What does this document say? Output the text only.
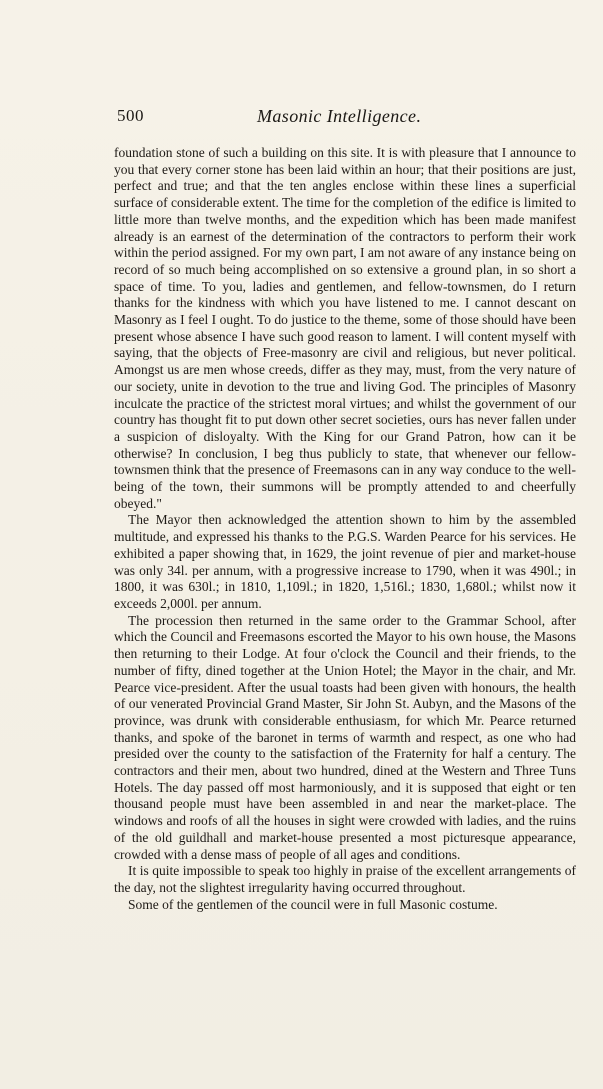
500	Masonic Intelligence.

foundation stone of such a building on this site. It is with pleasure that I announce to you that every corner stone has been laid within an hour; that their positions are just, perfect and true; and that the ten angles enclose within these lines a superficial surface of considerable extent. The time for the completion of the edifice is limited to little more than twelve months, and the expedition which has been made manifest already is an earnest of the determination of the contractors to perform their work within the period assigned. For my own part, I am not aware of any instance being on record of so much being accomplished on so extensive a ground plan, in so short a space of time. To you, ladies and gentlemen, and fellow-townsmen, do I return thanks for the kindness with which you have listened to me. I cannot descant on Masonry as I feel I ought. To do justice to the theme, some of those should have been present whose absence I have such good reason to lament. I will content myself with saying, that the objects of Free-masonry are civil and religious, but never political. Amongst us are men whose creeds, differ as they may, must, from the very nature of our society, unite in devotion to the true and living God. The principles of Masonry inculcate the practice of the strictest moral virtues; and whilst the government of our country has thought fit to put down other secret societies, ours has never fallen under a suspicion of disloyalty. With the King for our Grand Patron, how can it be otherwise? In conclusion, I beg thus publicly to state, that whenever our fellow-townsmen think that the presence of Freemasons can in any way conduce to the well-being of the town, their summons will be promptly attended to and cheerfully obeyed."

The Mayor then acknowledged the attention shown to him by the assembled multitude, and expressed his thanks to the P.G.S. Warden Pearce for his services. He exhibited a paper showing that, in 1629, the joint revenue of pier and market-house was only 34l. per annum, with a progressive increase to 1790, when it was 490l.; in 1800, it was 630l.; in 1810, 1,109l.; in 1820, 1,516l.; 1830, 1,680l.; whilst now it exceeds 2,000l. per annum.

The procession then returned in the same order to the Grammar School, after which the Council and Freemasons escorted the Mayor to his own house, the Masons then returning to their Lodge. At four o'clock the Council and their friends, to the number of fifty, dined together at the Union Hotel; the Mayor in the chair, and Mr. Pearce vice-president. After the usual toasts had been given with honours, the health of our venerated Provincial Grand Master, Sir John St. Aubyn, and the Masons of the province, was drunk with considerable enthusiasm, for which Mr. Pearce returned thanks, and spoke of the baronet in terms of warmth and respect, as one who had presided over the county to the satisfaction of the Fraternity for half a century. The contractors and their men, about two hundred, dined at the Western and Three Tuns Hotels. The day passed off most harmoniously, and it is supposed that eight or ten thousand people must have been assembled in and near the market-place. The windows and roofs of all the houses in sight were crowded with ladies, and the ruins of the old guildhall and market-house presented a most picturesque appearance, crowded with a dense mass of people of all ages and conditions.

It is quite impossible to speak too highly in praise of the excellent arrangements of the day, not the slightest irregularity having occurred throughout.

Some of the gentlemen of the council were in full Masonic costume.
